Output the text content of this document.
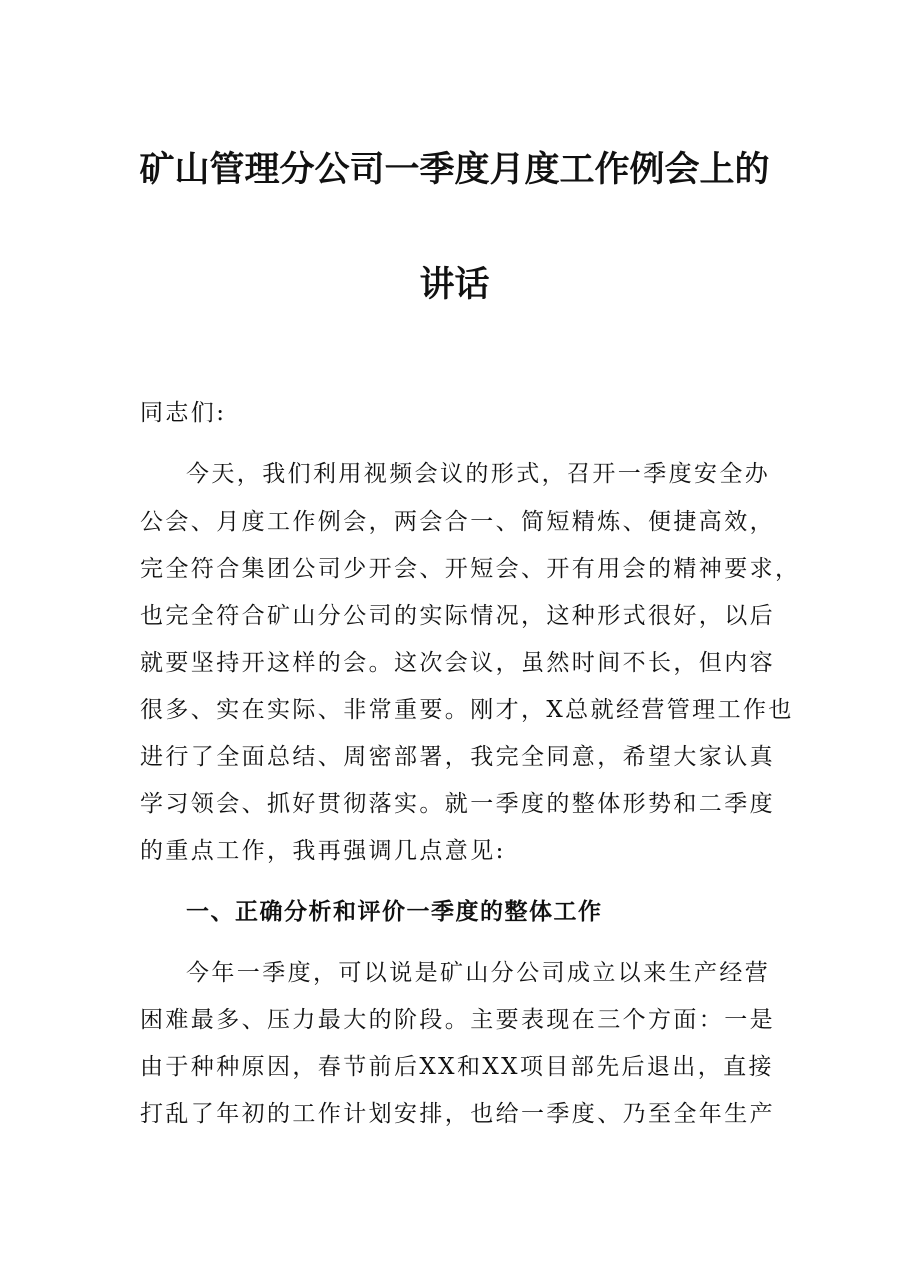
矿山管理分公司一季度月度工作例会上的
讲话
同志们:
今天，我们利用视频会议的形式，召开一季度安全办
公会、月度工作例会，两会合一、简短精炼、便捷高效，
完全符合集团公司少开会、开短会、开有用会的精神要求，
也完全符合矿山分公司的实际情况，这种形式很好，以后
就要坚持开这样的会。这次会议，虽然时间不长，但内容
很多、实在实际、非常重要。刚才，X总就经营管理工作也
进行了全面总结、周密部署，我完全同意，希望大家认真
学习领会、抓好贯彻落实。就一季度的整体形势和二季度
的重点工作，我再强调几点意见:
一、正确分析和评价一季度的整体工作
今年一季度，可以说是矿山分公司成立以来生产经营
困难最多、压力最大的阶段。主要表现在三个方面：一是
由于种种原因，春节前后XX和XX项目部先后退出，直接
打乱了年初的工作计划安排，也给一季度、乃至全年生产
